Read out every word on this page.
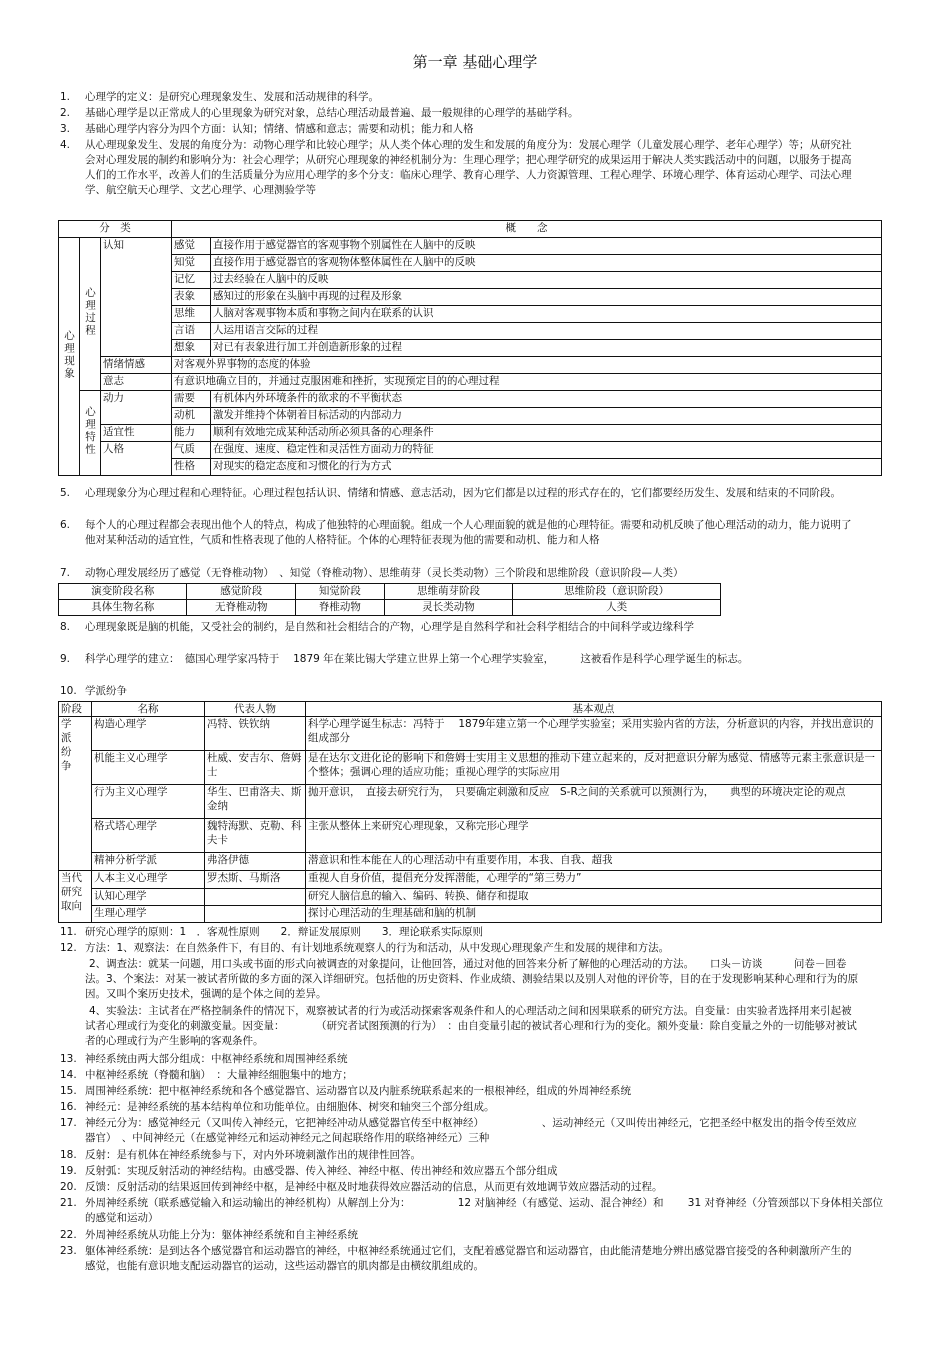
第一章 基础心理学
1.	心理学的定义：是研究心理现象发生、发展和活动规律的科学。
2.	基础心理学是以正常成人的心里现象为研究对象，总结心理活动最普遍、最一般规律的心理学的基础学科。
3.	基础心理学内容分为四个方面：认知；情绪、情感和意志；需要和动机；能力和人格
4.	从心理现象发生、发展的角度分为：动物心理学和比较心理学；从人类个体心理的发生和发展的角度分为：发展心理学（儿童发展心理学、老年心理学）等；从研究社会对心理发展的制约和影响分为：社会心理学；从研究心理现象的神经机制分为：生理心理学；把心理学研究的成果运用于解决人类实践活动中的问题，以服务于提高人们的工作水平，改善人们的生活质量分为应用心理学的多个分支：临床心理学、教育心理学、人力资源管理、工程心理学、环境心理学、体育运动心理学、司法心理学、航空航天心理学、文艺心理学、心理测验学等
分　类			概　　念	
心理现象	心理过程	认知	感觉	直接作用于感觉器官的客观事物个别属性在人脑中的反映
			知觉	直接作用于感觉器官的客观物体整体属性在人脑中的反映
			记忆	过去经验在人脑中的反映
			表象	感知过的形象在头脑中再现的过程及形象
			思维	人脑对客观事物本质和事物之间内在联系的认识
			言语	人运用语言交际的过程
			想象	对已有表象进行加工并创造新形象的过程
		情绪情感	对客观外界事物的态度的体验	
		意志	有意识地确立目的，并通过克服困难和挫折，实现预定目的的心理过程	
	心理特性	动力	需要	有机体内外环境条件的欲求的不平衡状态
			动机	激发并维持个体朝着目标活动的内部动力
		适宜性	能力	顺利有效地完成某种活动所必须具备的心理条件
		人格	气质	在强度、速度、稳定性和灵活性方面动力的特征
			性格	对现实的稳定态度和习惯化的行为方式
5.	心理现象分为心理过程和心理特征。心理过程包括认识、情绪和情感、意志活动，因为它们都是以过程的形式存在的，它们都要经历发生、发展和结束的不同阶段。
6.	每个人的心理过程都会表现出他个人的特点，构成了他独特的心理面貌。组成一个人心理面貌的就是他的心理特征。需要和动机反映了他心理活动的动力，能力说明了他对某种活动的适宜性，气质和性格表现了他的人格特征。个体的心理特征表现为他的需要和动机、能力和人格
7.	动物心理发展经历了感觉（无脊椎动物）　、知觉（脊椎动物）、思维萌芽（灵长类动物）三个阶段和思维阶段（意识阶段—人类）
演变阶段名称	感觉阶段	知觉阶段	思维萌芽阶段	思维阶段（意识阶段）
具体生物名称	无脊椎动物	脊椎动物	灵长类动物	人类
8.	心理现象既是脑的机能，又受社会的制约，是自然和社会相结合的产物，心理学是自然科学和社会科学相结合的中间科学或边缘科学
9.	科学心理学的建立：　德国心理学家冯特于　 1879 年在莱比锡大学建立世界上第一个心理学实验室，　　　这被看作是科学心理学诞生的标志。
10. 学派纷争
阶段	名称	代表人物	基本观点

学派纷争	构造心理学	冯特、铁钦纳	科学心理学诞生标志：冯特于　 1879年建立第一个心理学实验室；采用实验内省的方法，分析意识的内容，并找出意识的组成部分
	机能主义心理学	杜威、安吉尔、詹姆士	是在达尔文进化论的影响下和詹姆士实用主义思想的推动下建立起来的，反对把意识分解为感觉、情感等元素主张意识是一个整体；强调心理的适应功能；重视心理学的实际应用
	行为主义心理学	华生、巴甫洛夫、斯金纳	抛开意识，　直接去研究行为，　只要确定刺激和反应　S-R之间的关系就可以预测行为，　　典型的环境决定论的观点
	格式塔心理学	魏特海默、克勒、科夫卡	主张从整体上来研究心理现象，又称完形心理学
	精神分析学派	弗洛伊德	潜意识和性本能在人的心理活动中有重要作用，本我、自我、超我

当代研究取向	人本主义心理学	罗杰斯、马斯洛	重视人自身价值，提倡充分发挥潜能，心理学的“第三势力”
	认知心理学		研究人脑信息的输入、编码、转换、储存和提取
	生理心理学		探讨心理活动的生理基础和脑的机制
11. 研究心理学的原则：1　．客观性原则　　2．辩证发展原则　　3．理论联系实际原则
12. 方法：1、观察法：在自然条件下，有目的、有计划地系统观察人的行为和活动，从中发现心理现象产生和发展的规律和方法。
2、调查法：就某一问题，用口头或书面的形式向被调查的对象提问，让他回答，通过对他的回答来分析了解他的心理活动的方法。　　口头－访谈　　　问卷－回卷法。3、个案法：对某一被试者所做的多方面的深入详细研究。包括他的历史资料、作业成绩、测验结果以及别人对他的评价等，目的在于发现影响某种心理和行为的原因。又叫个案历史技术，强调的是个体之间的差异。
4、实验法：主试者在严格控制条件的情况下，观察被试者的行为或活动探索客观条件和人的心理活动之间和因果联系的研究方法。自变量：由实验者选择用来引起被试者心理或行为变化的刺激变量。因变量：　　　　（研究者试图预测的行为）　：由自变量引起的被试者心理和行为的变化。额外变量：除自变量之外的一切能够对被试者的心理或行为产生影响的客观条件。
13. 神经系统由两大部分组成：中枢神经系统和周围神经系统
14. 中枢神经系统（脊髓和脑）　：大量神经细胞集中的地方；
15. 周围神经系统：把中枢神经系统和各个感觉器官、运动器官以及内脏系统联系起来的一根根神经，组成的外周神经系统
16. 神经元：是神经系统的基本结构单位和功能单位。由细胞体、树突和轴突三个部分组成。
17. 神经元分为：感觉神经元（又叫传入神经元，它把神经冲动从感觉器官传至中枢神经）　　　　　　、运动神经元（又叫传出神经元，它把圣经中枢发出的指令传至效应器官）　、中间神经元（在感觉神经元和运动神经元之间起联络作用的联络神经元）三种
18. 反射：是有机体在神经系统参与下，对内外环境刺激作出的规律性回答。
19. 反射弧：实现反射活动的神经结构。由感受器、传入神经、神经中枢、传出神经和效应器五个部分组成
20. 反馈：反射活动的结果返回传到神经中枢，是神经中枢及时地获得效应器活动的信息，从而更有效地调节效应器活动的过程。
21. 外周神经系统（联系感觉输入和运动输出的神经机构）从解剖上分为：　　　　　12 对脑神经（有感觉、运动、混合神经）和　　 31 对脊神经（分管颈部以下身体相关部位的感觉和运动）
22. 外周神经系统从功能上分为：躯体神经系统和自主神经系统
23. 躯体神经系统：是到达各个感觉器官和运动器官的神经，中枢神经系统通过它们，支配着感觉器官和运动器官，由此能清楚地分辨出感觉器官接受的各种刺激所产生的感觉，也能有意识地支配运动器官的运动，这些运动器官的肌肉都是由横纹肌组成的。
